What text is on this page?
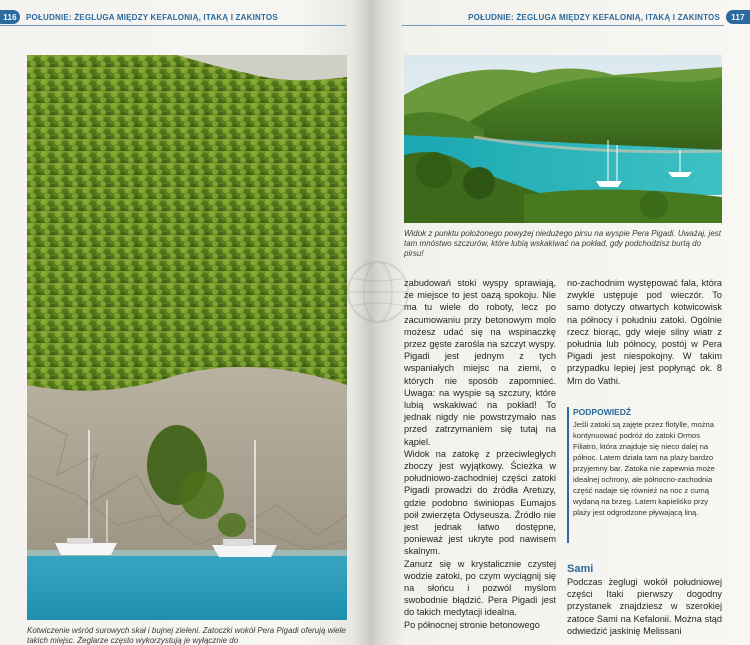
116	POŁUDNIE: ŻEGLUGA MIĘDZY KEFALONIĄ, ITAKĄ I ZAKINTOS	POŁUDNIE: ŻEGLUGA MIĘDZY KEFALONIĄ, ITAKĄ I ZAKINTOS	117
Kotwiczenie wśród surowych skał i bujnej zieleni. Zatoczki wokół Pera Pigadi oferują wiele takich miejsc. Żeglarze często wykorzystują je wyłącznie do
Widok z punktu położonego powyżej niedużego pirsu na wyspie Pera Pigadi. Uważaj, jest tam mnóstwo szczurów, które lubią wskakiwać na pokład, gdy podchodzisz burtą do pirsu!

zabudowań stoki wyspy sprawiają, że miejsce to jest oazą spokoju. Nie ma tu wiele do roboty, lecz po zacumowaniu przy betonowym molo możesz udać się na wspinaczkę przez gęste zarośla na szczyt wyspy. Pigadi jest jednym z tych wspaniałych miejsc na ziemi, o których nie sposób zapomnieć. Uwaga: na wyspie są szczury, które lubią wskakiwać na pokład! To jednak nigdy nie powstrzymało nas przed zatrzymaniem się tutaj na kąpiel.

Widok na zatokę z przeciwległych zboczy jest wyjątkowy. Ścieżka w południowo-zachodniej części zatoki Pigadi prowadzi do źródła Aretuzy, gdzie podobno świniopas Eumajos poił zwierzęta Odyseusza. Źródło nie jest jednak łatwo dostępne, ponieważ jest ukryte pod nawisem skalnym.

Zanurz się w krystalicznie czystej wodzie zatoki, po czym wyciągnij się na słońcu i pozwól myślom swobodnie błądzić. Pera Pigadi jest do takich medytacji idealna.

Po północnej stronie betonowego

no-zachodnim występować fala, która zwykle ustępuje pod wieczór. To samo dotyczy otwartych kotwicowisk na północy i południu zatoki. Ogólnie rzecz biorąc, gdy wieje silny wiatr z południa lub północy, postój w Pera Pigadi jest niespokojny. W takim przypadku lepiej jest popłynąć ok. 8 Mm do Vathi.

PODPOWIEDŹ
Jeśli zatoki są zajęte przez flotylle, można kontynuować podróż do zatoki Ormos Filiatro, która znajduje się nieco dalej na północ. Latem działa tam na plaży bardzo przyjemny bar. Zatoka nie zapewnia może idealnej ochrony, ale północno-zachodnia część nadaje się również na noc z cumą wydaną na brzeg. Latem kapieliśko przy plaży jest odgrodzone pływającą liną.
Sami

Podczas żeglugi wokół południowej części Itaki pierwszy dogodny przystanek znajdziesz w szerokiej zatoce Sami na Kefalonii. Można stąd odwiedzić jaskinię Melissani
